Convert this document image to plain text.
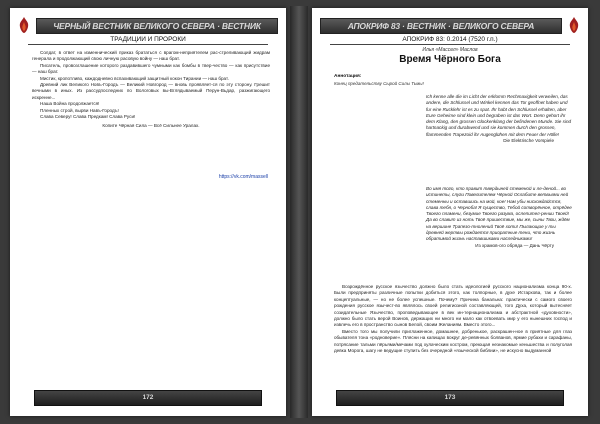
ЧЕРНЫЙ ВЕСТНИК ВЕЛИКОГО СЕВЕРА · ВЕСТНИК
ТРАДИЦИИ И ПРОРОКИ

Солдат, в ответ на изменнический приказ брататься с врагом-неприятелем рас-стреливающий жидрам генерала и продолжающий свою личную расовую войну — наш брат.

Писатель, провозглашение которого раздавившего чумными как бомбы в твер-чество — как присутствие — наш брат.

Мистик, кропотливо, каждодневно вспахивающий защитный кокон Тирании — наш брат.

Древний лик Великого Новъ-Городъ — Великий Новгород — вновь проявляет-ся по эту сторону. Грешит вечными в иных. Из рассудпоследних по Вологовых вы-Вглядываемый Перун-Вьдар, разжигающего искренне...

Наша Война продолжается!

Пленных строй, вырви Навъ-Городъ!

Слава Северу! Слава Предкам! Слава Руси!

Копите Чёрная Сила — Всё Сильнее Уралах.

https://vk.com/massell
172
АПОКРИФ 83 · ВЕСТНИК · ВЕЛИКОГО СЕВЕРА
АПОКРИФ 83: 0.2014 (7520 г.п.)
Илья «Массел» Маслов
Время Чёрного Бога
Аннотация:
Конец предательству Сырой Силы Тьмы!
Ich kenne alle die im Licht der erklomm Rechmaxigkeit verweilen, das andere, die Schlussel und Winkel kennen das Tor geoffnet haben und fur eine Rucklehr ist es zu spat. Ihr habt den Schlussel erhalten, aber Eure Geheime sind klein und begraben ist das Wort. Denn gehort ihr dem Klang, den grossen Glockenklang der befindenen Munde. Sie sind hartnackig und durabwend und sie kommen durch den grossen, flammenden Trapezoid ihr Augenglühen mit dem Feuer der Hölle!
Die Elektrische Vorspiele
Во имя того, кто правит твердыней стеменой и ле-деной... во истинеты, слуги Повелителем Чёрной Ослабите ветвьями ней стеменны и оставшись на мой, кое! Нам убы нисхождайстся, слава тебя, о Черноба! Я существо, Тебой сотворённое, отрёдее Твоего пламени, безумие Твоего разума, ослепител-рении Твоей! Да во славит из ноть Твоё пришествие, мы же, сыны Твои, ждём на вершине Трапезо-тнолений Твоё хоти! Пылающие у ты древней жертвы рождается приоратные тени, что жизнь обратимой жизнь наставшиками наследниками!
Из храмов-ого обряда — Дань Чёрту

Возрождённое русское язычество должно было стать идеологией русского национализма конца 90-х. Были предприняты различные попытки добиться этого, как толпорные, в духе Истархова, так и более концептуальные, — но не более успешные. Почему? Причина банальна: практически с самого своего рождения русское язычест-во являлось своей религиозной составляющей, того Духа, который вытесняет созидательные Язычество, проповедывающее в век ин-тернационализма и абстрактной «духовности», должно было стать верой Воинов, держащих ни много ни мало как отвоевать мир у его нынешних господ и извлечь его в пространство сынов Белой, своим Желаниям. Вместо этого...

Вместо того мы получили приглаженное, домашнее, добренькое, раскрашен-ное в приятные для глаз обывателя тона «родноверие». Плясни на капищах вокруг де-ревянных болванов, ярмие рубахи и сарафаны, потрясание тальми пёрьями/мечами под хулаческим костром, преющая незнакомые кеньшества и полуголая девка Морога, шагу не ведущие ступить без очередной «языческой библии», не искусно выдуманной

173
